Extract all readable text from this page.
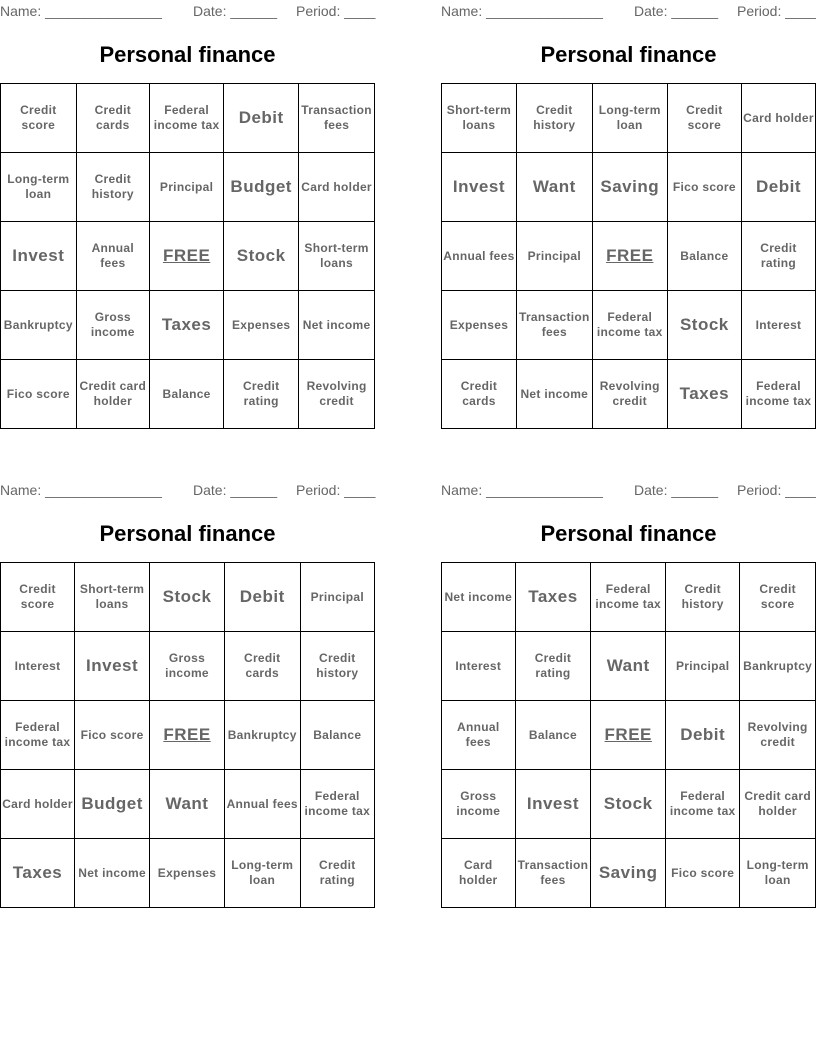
Name: _______________ Date: ______ Period: ____
Personal finance
Credit score	Credit cards	Federal income tax	Debit	Transaction fees
Long-term loan	Credit history	Principal	Budget	Card holder
Invest	Annual fees	FREE	Stock	Short-term loans
Bankruptcy	Gross income	Taxes	Expenses	Net income
Fico score	Credit card holder	Balance	Credit rating	Revolving credit
Name: _______________ Date: ______ Period: ____
Personal finance
Short-term loans	Credit history	Long-term loan	Credit score	Card holder
Invest	Want	Saving	Fico score	Debit
Annual fees	Principal	FREE	Balance	Credit rating
Expenses	Transaction fees	Federal income tax	Stock	Interest
Credit cards	Net income	Revolving credit	Taxes	Federal income tax
Name: _______________ Date: ______ Period: ____
Personal finance
Credit score	Short-term loans	Stock	Debit	Principal
Interest	Invest	Gross income	Credit cards	Credit history
Federal income tax	Fico score	FREE	Bankruptcy	Balance
Card holder	Budget	Want	Annual fees	Federal income tax
Taxes	Net income	Expenses	Long-term loan	Credit rating
Name: _______________ Date: ______ Period: ____
Personal finance
Net income	Taxes	Federal income tax	Credit history	Credit score
Interest	Credit rating	Want	Principal	Bankruptcy
Annual fees	Balance	FREE	Debit	Revolving credit
Gross income	Invest	Stock	Federal income tax	Credit card holder
Card holder	Transaction fees	Saving	Fico score	Long-term loan
